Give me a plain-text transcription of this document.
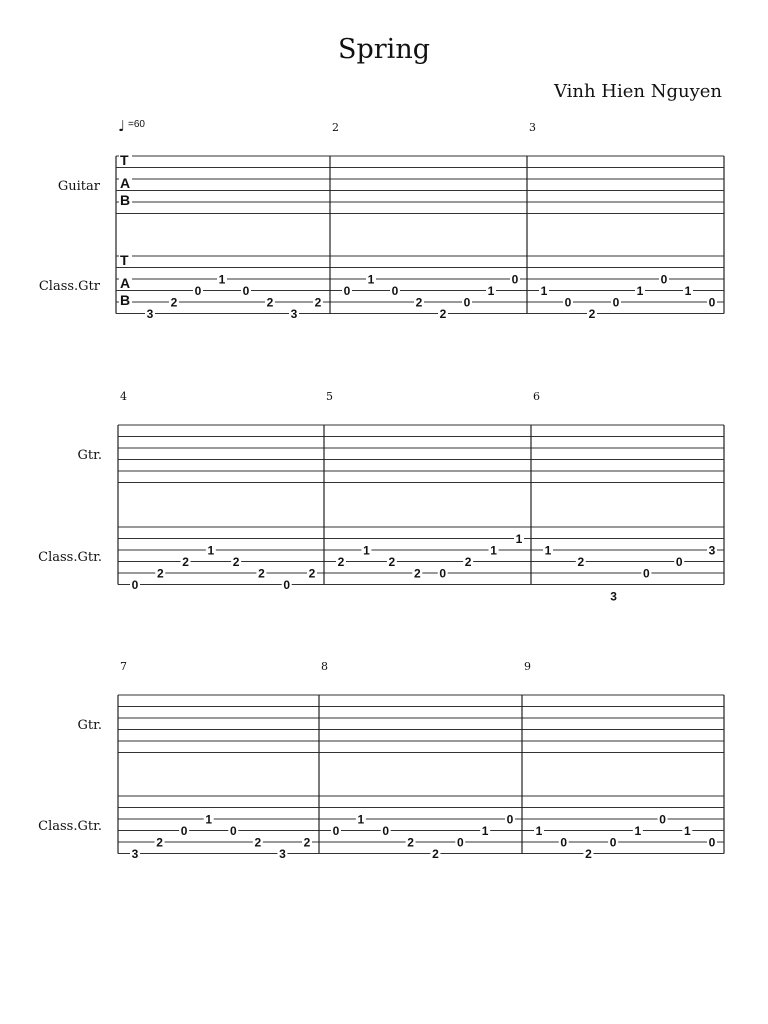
Spring
Vinh Hien Nguyen
Guitar
Class.Gtr
T
A
B
T
A
B
♩ =60
3
2
0
1
0
2
3
2
2
0
1
0
2
2
0
1
0
3
1
0
2
0
1
0
1
0
Gtr.
Class.Gtr.
4
0
2
2
1
2
2
0
2
5
2
1
2
2 0
2
1
1
6
1
2
3
0
0
3
Gtr.
Class.Gtr.
7
3
2
0
1
0
2
3
2
8
0
1
0
2
2
0
1
0
9
1
0
2
0
1
0
1
0
